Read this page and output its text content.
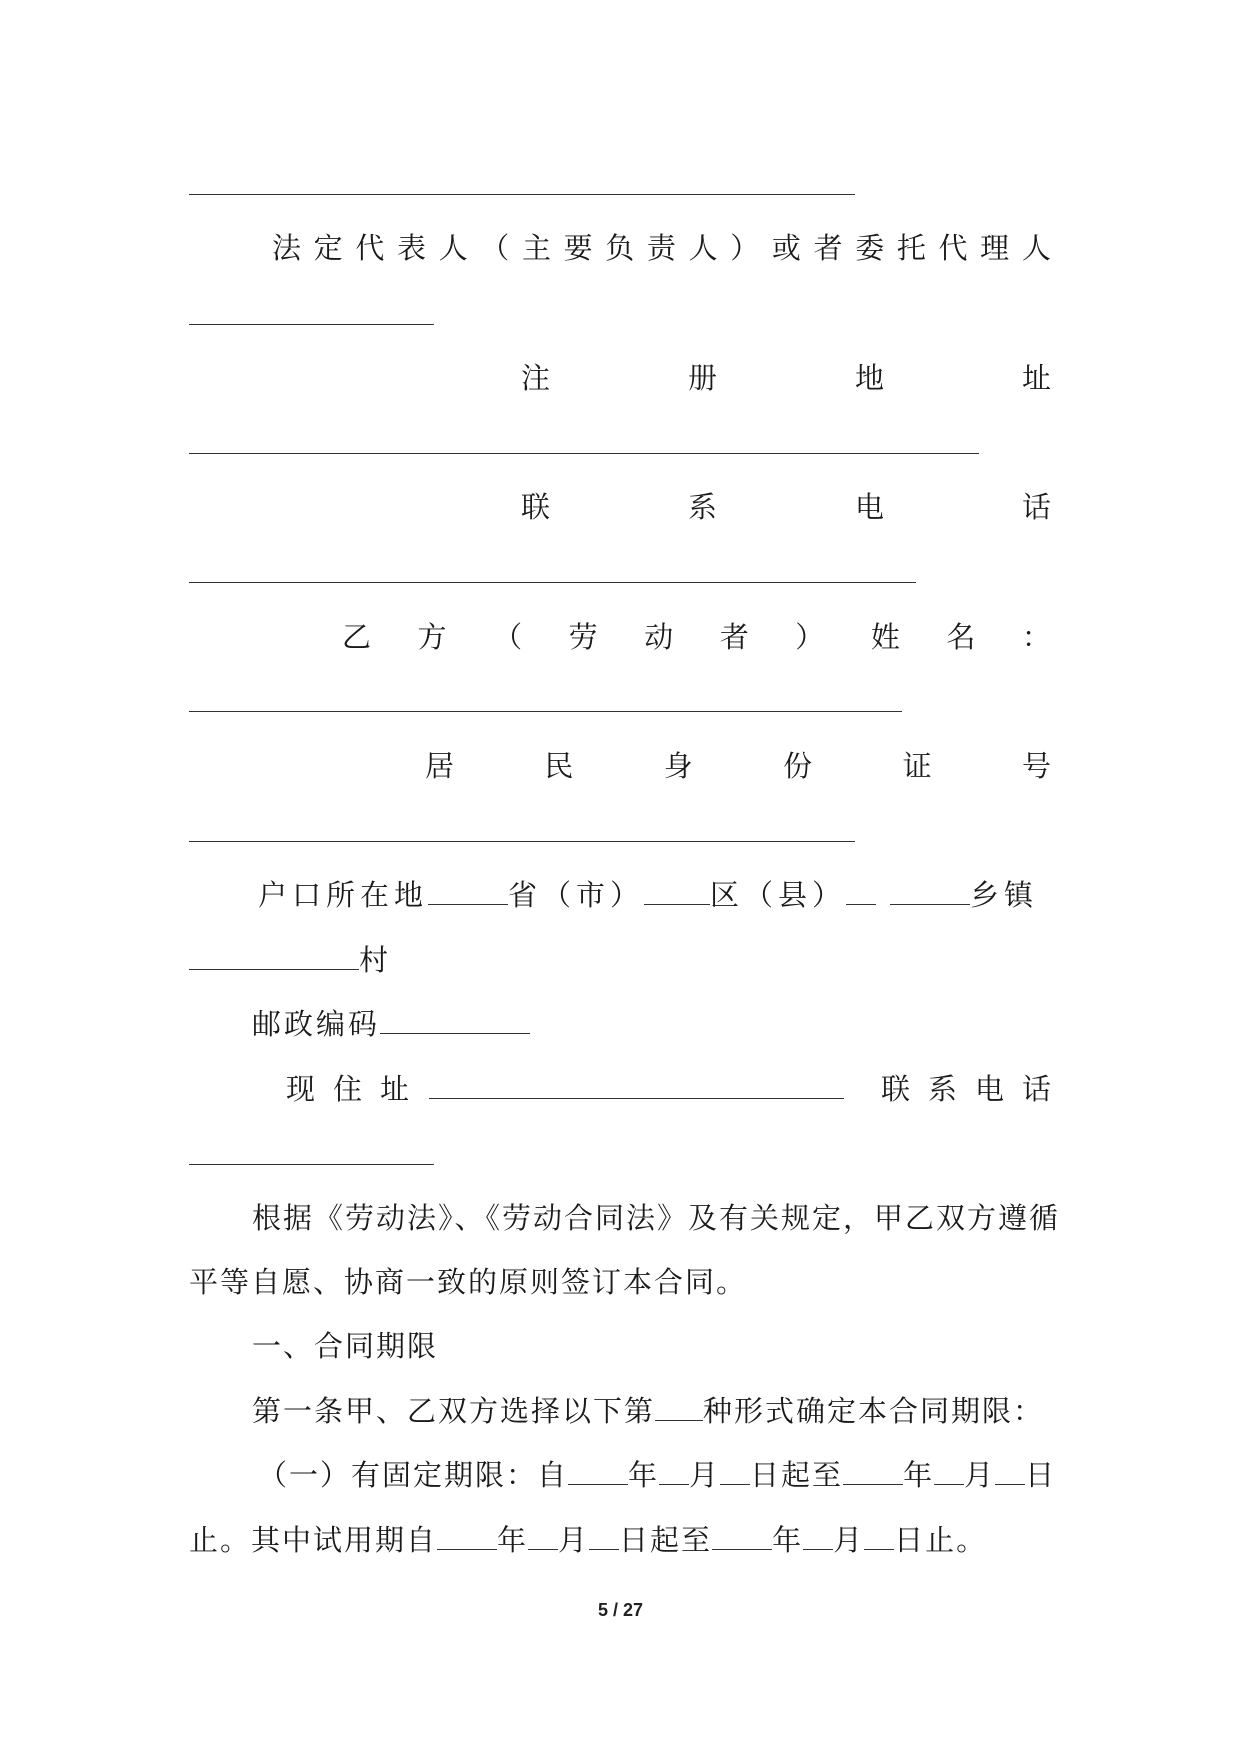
法 定 代 表 人 （ 主 要 负 责 人 ） 或 者 委 托 代 理 人
注	册	地	址
联	系	电	话
乙 方 （ 劳 动 者 ） 姓 名 ：
居	民	身	份	证	号
户口所在地	省（市） 区（县）	乡镇
村
邮政编码
现住址	联系电话
根据《劳动法》、《劳动合同法》及有关规定，甲乙双方遵循
平等自愿、协商一致的原则签订本合同。
一、合同期限
第一条甲、乙双方选择以下第 种形式确定本合同期限：
（一）有固定期限：自 年 月 日起至 年 月 日
止。其中试用期自 年 月 日起至 年 月 日止。
5 / 27
